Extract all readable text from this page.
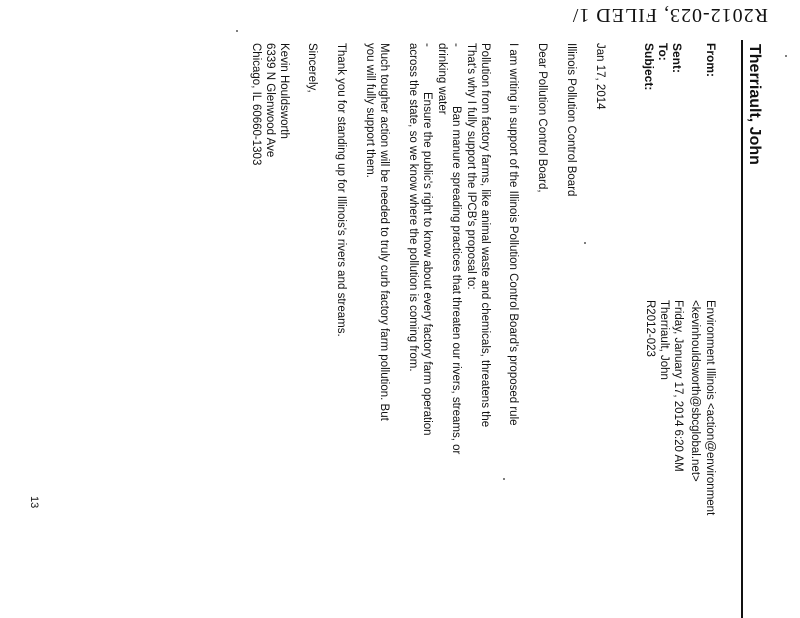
R2012-023, FILED 1/
Therriault, John
From:
Sent:
To:
Subject:
Environment Illinois <action@environment
<kevinhouldsworth@sbcglobal.net>
Friday, January 17, 2014 6:20 AM
Therriault, John
R2012-023
Jan 17, 2014
Illinois Pollution Control Board
Dear Pollution Control Board,
I am writing in support of the Illinois Pollution Control Board's proposed rule
Pollution from factory farms, like animal waste and chemicals, threatens the
That's why I fully support the IPCB's proposal to:
-
Ban manure spreading practices that threaten our rivers, streams, or
drinking water
-
Ensure the public's right to know about every factory farm operation
across the state, so we know where the pollution is coming from.
Much tougher action will be needed to truly curb factory farm pollution. But
you will fully support them.
Thank you for standing up for Illinois's rivers and streams.
Sincerely,
Kevin Houldsworth
6339 N Glenwood Ave
Chicago, IL 60660-1303
13
